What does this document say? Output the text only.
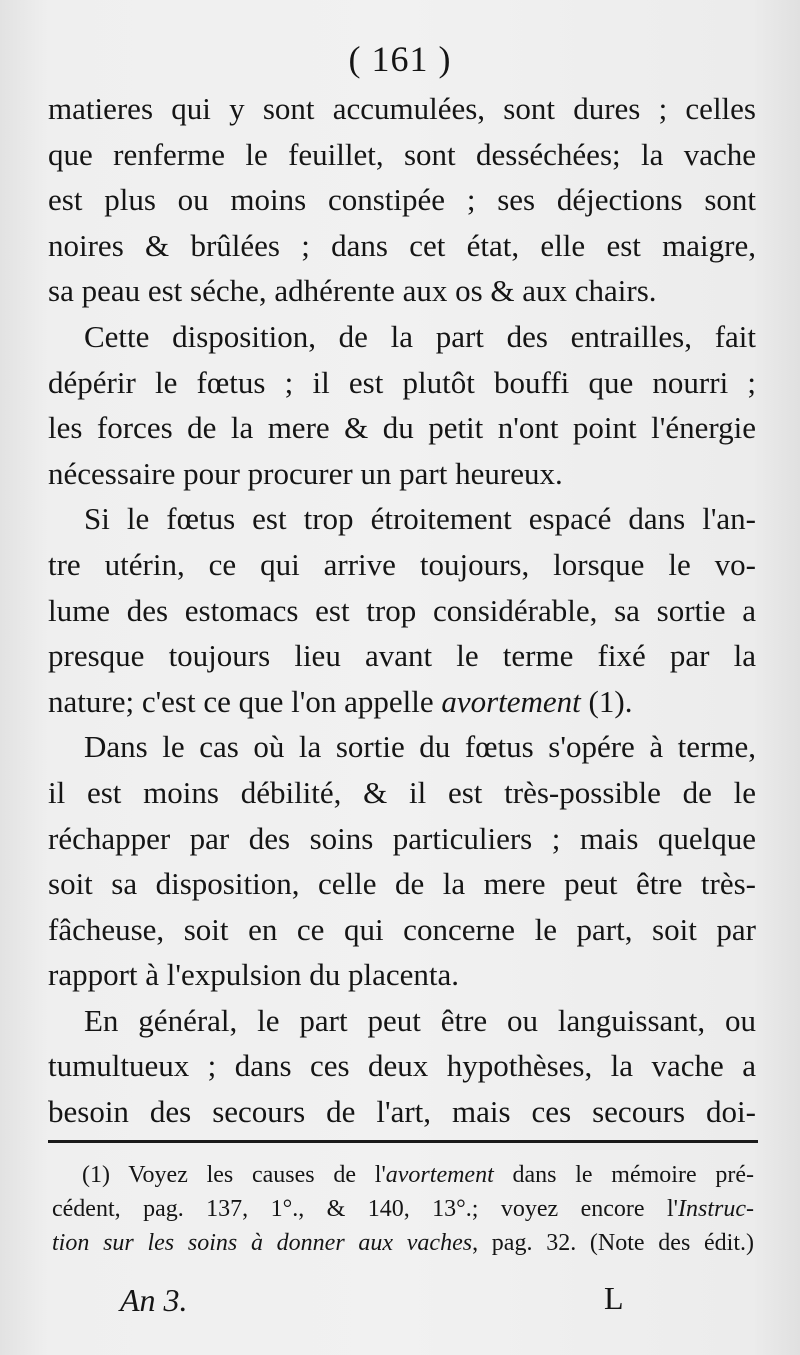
( 161 )
matieres qui y sont accumulées, sont dures ; celles
que renferme le feuillet, sont desséchées; la vache
est plus ou moins constipée ; ses déjections sont
noires & brûlées ; dans cet état, elle est maigre,
sa peau est séche, adhérente aux os & aux chairs.
Cette disposition, de la part des entrailles, fait
dépérir le fœtus ; il est plutôt bouffi que nourri ;
les forces de la mere & du petit n'ont point l'énergie
nécessaire pour procurer un part heureux.
Si le fœtus est trop étroitement espacé dans l'an-
tre utérin, ce qui arrive toujours, lorsque le vo-
lume des estomacs est trop considérable, sa sortie a
presque toujours lieu avant le terme fixé par la
nature; c'est ce que l'on appelle avortement (1).
Dans le cas où la sortie du fœtus s'opére à terme,
il est moins débilité, & il est très-possible de le
réchapper par des soins particuliers ; mais quelque
soit sa disposition, celle de la mere peut être très-
fâcheuse, soit en ce qui concerne le part, soit par
rapport à l'expulsion du placenta.
En général, le part peut être ou languissant, ou
tumultueux ; dans ces deux hypothèses, la vache a
besoin des secours de l'art, mais ces secours doi-
(1) Voyez les causes de l'avortement dans le mémoire pré-
cédent, pag. 137, 1°., & 140, 13°.; voyez encore l'Instruc-
tion sur les soins à donner aux vaches, pag. 32. (Note des édit.)
An 3.	L
